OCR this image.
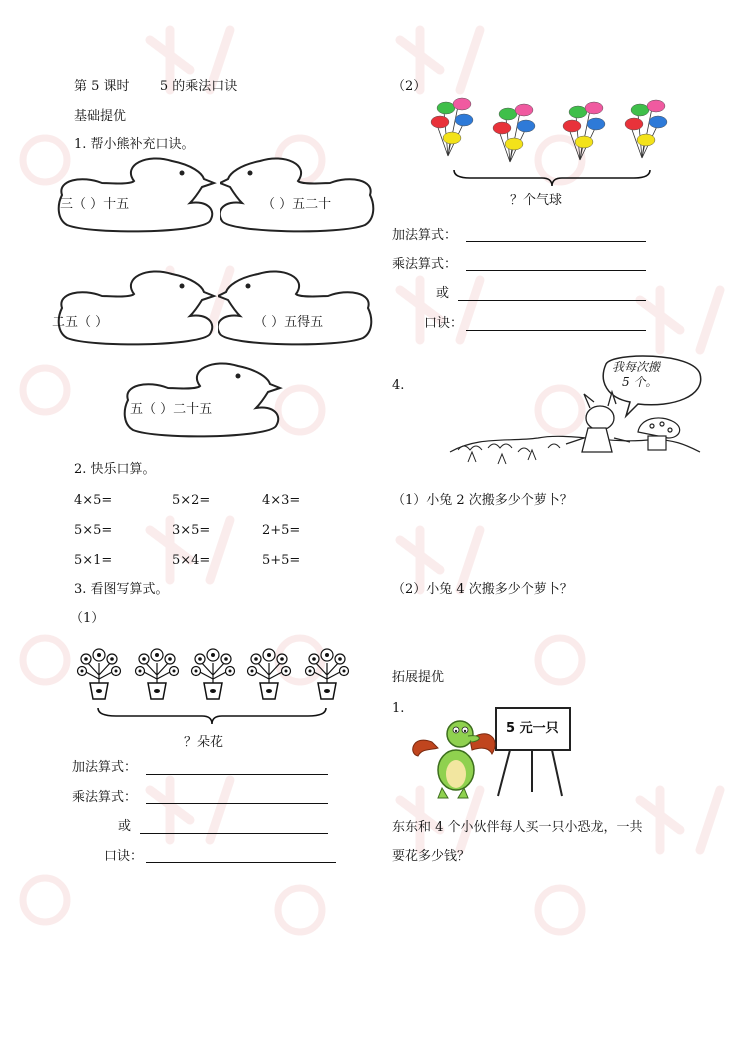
第 5 课时 5 的乘法口诀
基础提优
1. 帮小熊补充口诀。
三（ ）十五	（ ）五二十
二五（ ）	（ ）五得五
五（ ）二十五
2. 快乐口算。
4×5=	5×2=	4×3=
5×5=	3×5=	2+5=
5×1=	5×4=	5+5=
3. 看图写算式。
（1）
？朵花
加法算式：
乘法算式：
或
口诀：
（2）
？个气球
加法算式：
乘法算式：
或
口诀：
4.
我每次搬
5 个。
（1）小兔 2 次搬多少个萝卜？
（2）小兔 4 次搬多少个萝卜？
拓展提优
1.
5 元一只
东东和 4 个小伙伴每人买一只小恐龙，一共
要花多少钱？
